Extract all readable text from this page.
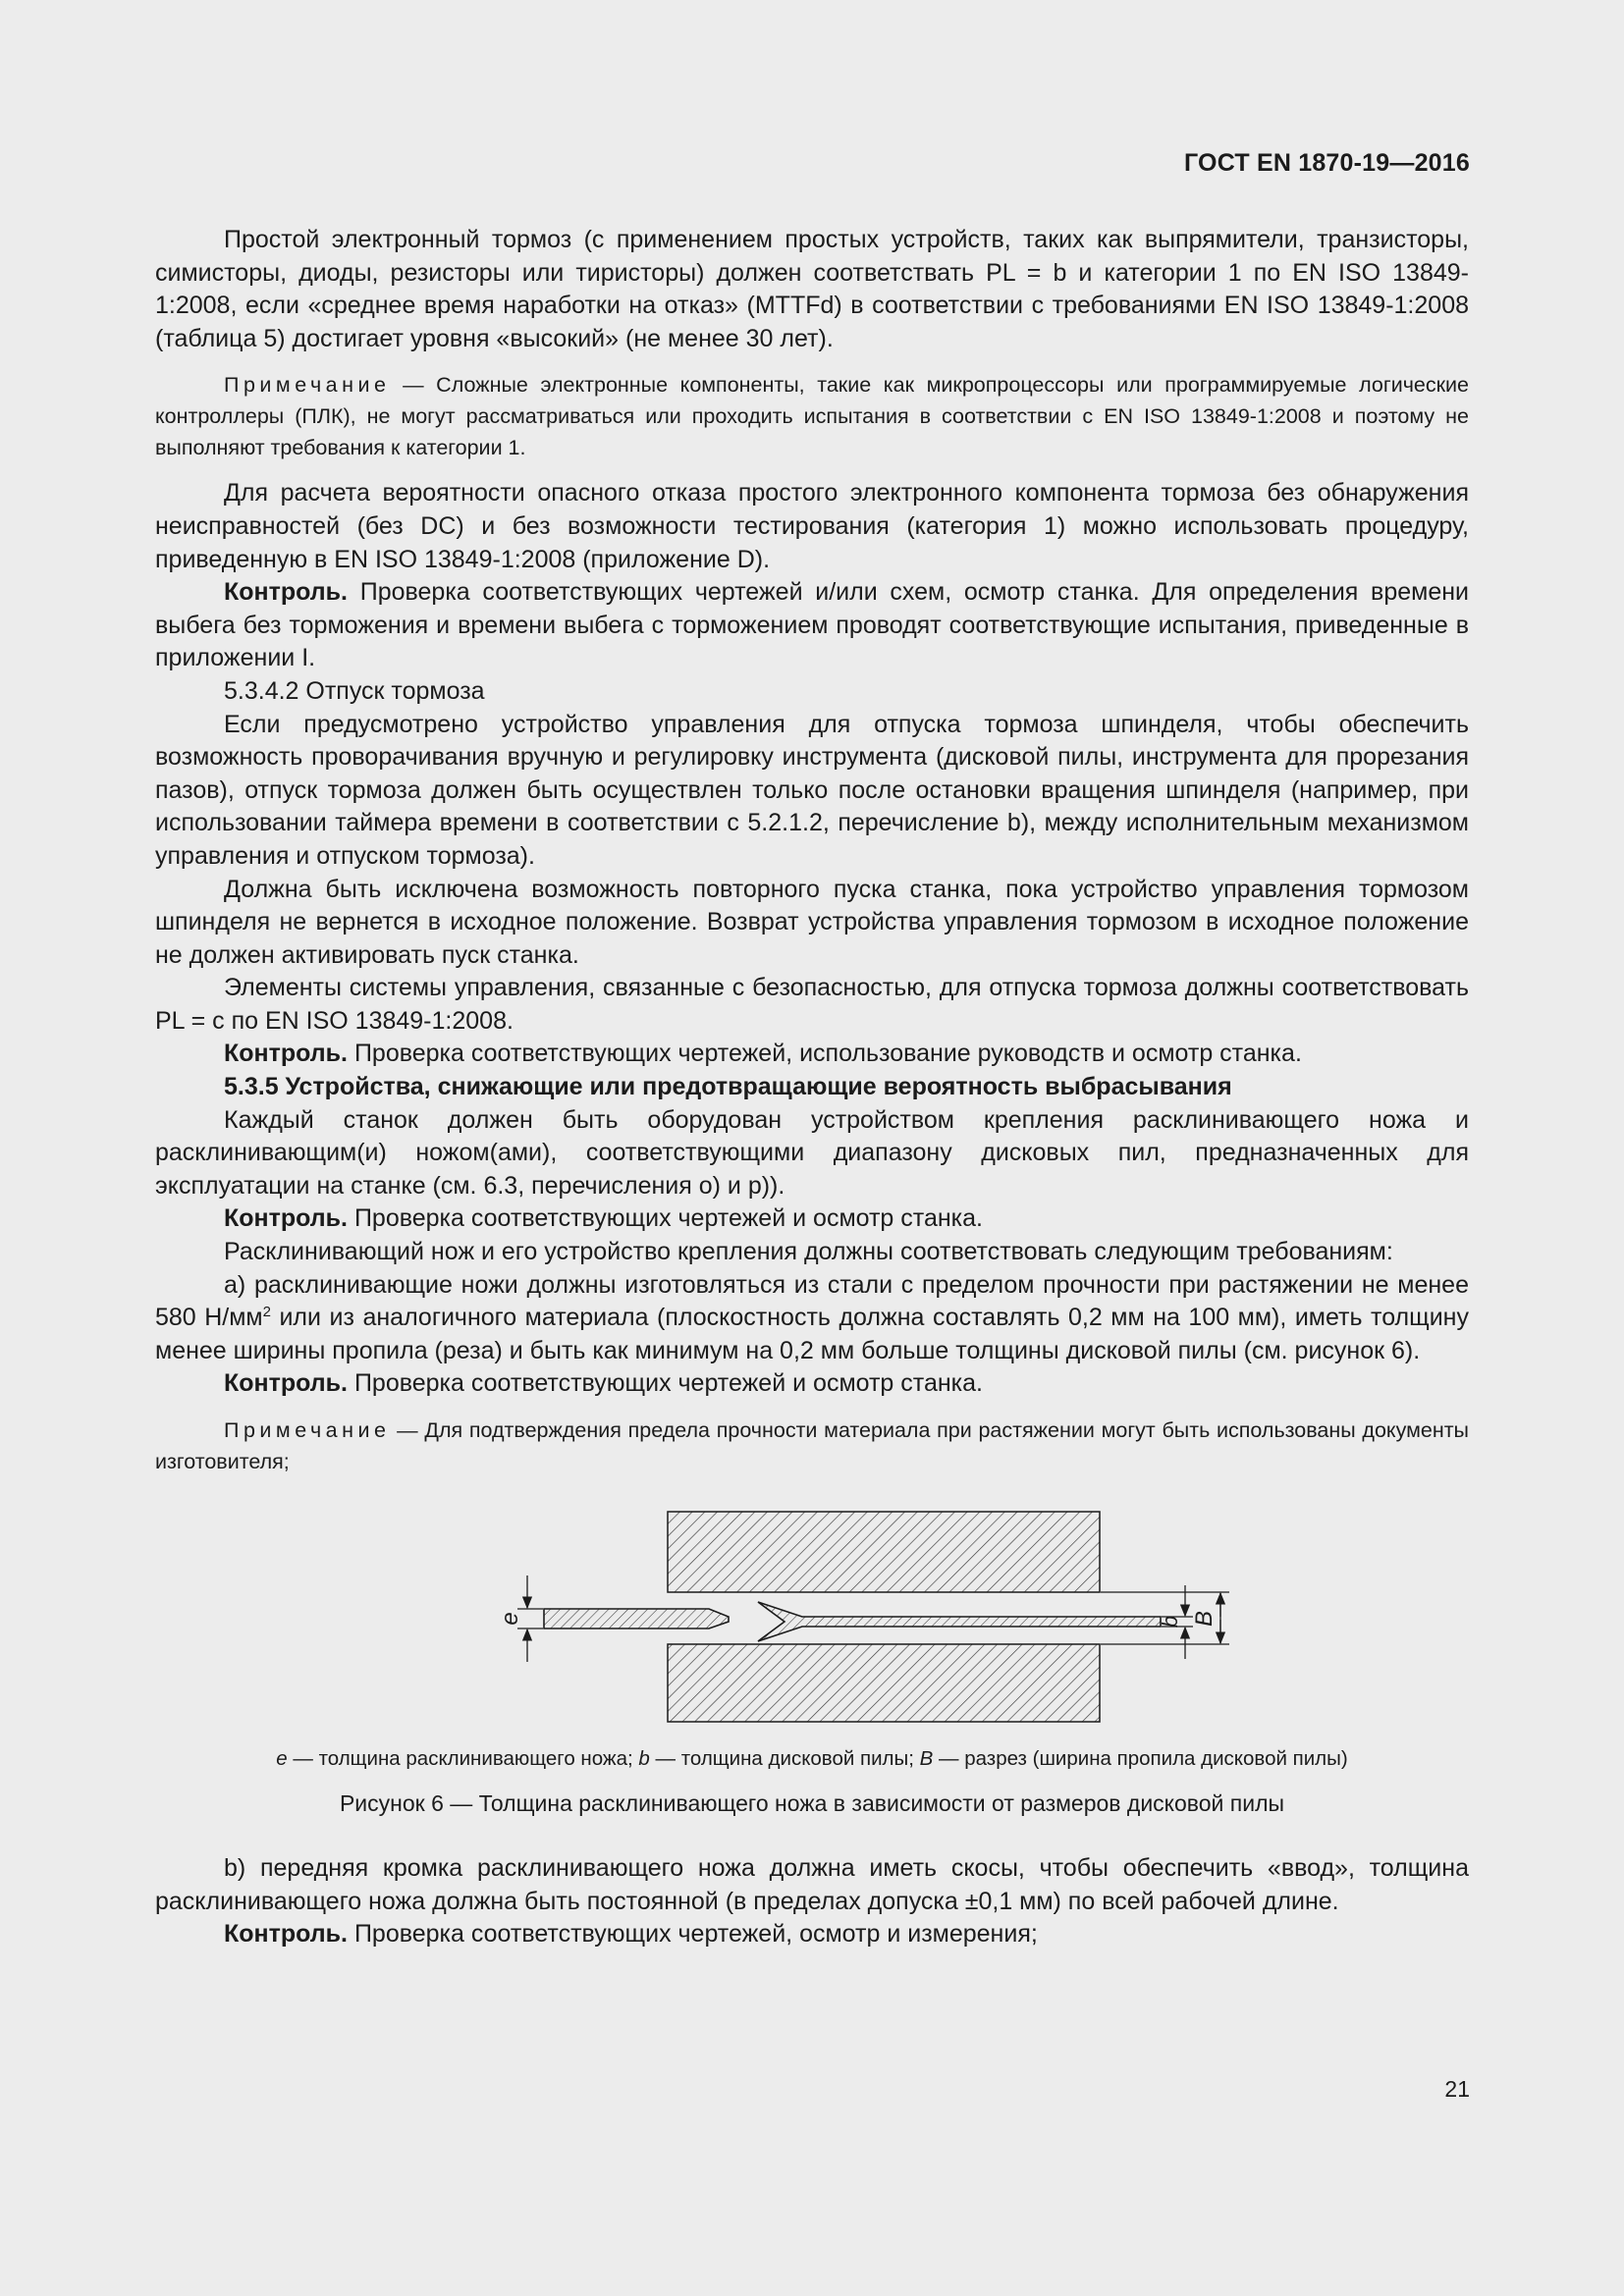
ГОСТ EN 1870-19—2016

Простой электронный тормоз (с применением простых устройств, таких как выпрямители, транзисторы, симисторы, диоды, резисторы или тиристоры) должен соответствать PL = b и категории 1 по EN ISO 13849-1:2008, если «среднее время наработки на отказ» (MTTFd) в соответствии с требованиями EN ISO 13849-1:2008 (таблица 5) достигает уровня «высокий» (не менее 30 лет).

Примечание — Сложные электронные компоненты, такие как микропроцессоры или программируемые логические контроллеры (ПЛК), не могут рассматриваться или проходить испытания в соответствии с EN ISO 13849-1:2008 и поэтому не выполняют требования к категории 1.

Для расчета вероятности опасного отказа простого электронного компонента тормоза без обнаружения неисправностей (без DC) и без возможности тестирования (категория 1) можно использовать процедуру, приведенную в EN ISO 13849-1:2008 (приложение D).

Контроль. Проверка соответствующих чертежей и/или схем, осмотр станка. Для определения времени выбега без торможения и времени выбега с торможением проводят соответствующие испытания, приведенные в приложении I.

5.3.4.2 Отпуск тормоза

Если предусмотрено устройство управления для отпуска тормоза шпинделя, чтобы обеспечить возможность проворачивания вручную и регулировку инструмента (дисковой пилы, инструмента для прорезания пазов), отпуск тормоза должен быть осуществлен только после остановки вращения шпинделя (например, при использовании таймера времени в соответствии с 5.2.1.2, перечисление b), между исполнительным механизмом управления и отпуском тормоза).

Должна быть исключена возможность повторного пуска станка, пока устройство управления тормозом шпинделя не вернется в исходное положение. Возврат устройства управления тормозом в исходное положение не должен активировать пуск станка.

Элементы системы управления, связанные с безопасностью, для отпуска тормоза должны соответствовать PL = c по EN ISO 13849-1:2008.

Контроль. Проверка соответствующих чертежей, использование руководств и осмотр станка.

5.3.5 Устройства, снижающие или предотвращающие вероятность выбрасывания

Каждый станок должен быть оборудован устройством крепления расклинивающего ножа и расклинивающим(и) ножом(ами), соответствующими диапазону дисковых пил, предназначенных для эксплуатации на станке (см. 6.3, перечисления о) и р)).

Контроль. Проверка соответствующих чертежей и осмотр станка.

Расклинивающий нож и его устройство крепления должны соответствовать следующим требованиям:

а) расклинивающие ножи должны изготовляться из стали с пределом прочности при растяжении не менее 580 $Н/мм^2$ или из аналогичного материала (плоскостность должна составлять 0,2 мм на 100 мм), иметь толщину менее ширины пропила (реза) и быть как минимум на 0,2 мм больше толщины дисковой пилы (см. рисунок 6).

Контроль. Проверка соответствующих чертежей и осмотр станка.

Примечание — Для подтверждения предела прочности материала при растяжении могут быть использованы документы изготовителя;

e	b B
e — толщина расклинивающего ножа; b — толщина дисковой пилы; B — разрез (ширина пропила дисковой пилы)
Рисунок 6 — Толщина расклинивающего ножа в зависимости от размеров дисковой пилы

b) передняя кромка расклинивающего ножа должна иметь скосы, чтобы обеспечить «ввод», толщина расклинивающего ножа должна быть постоянной (в пределах допуска ±0,1 мм) по всей рабочей длине.

Контроль. Проверка соответствующих чертежей, осмотр и измерения;

21
